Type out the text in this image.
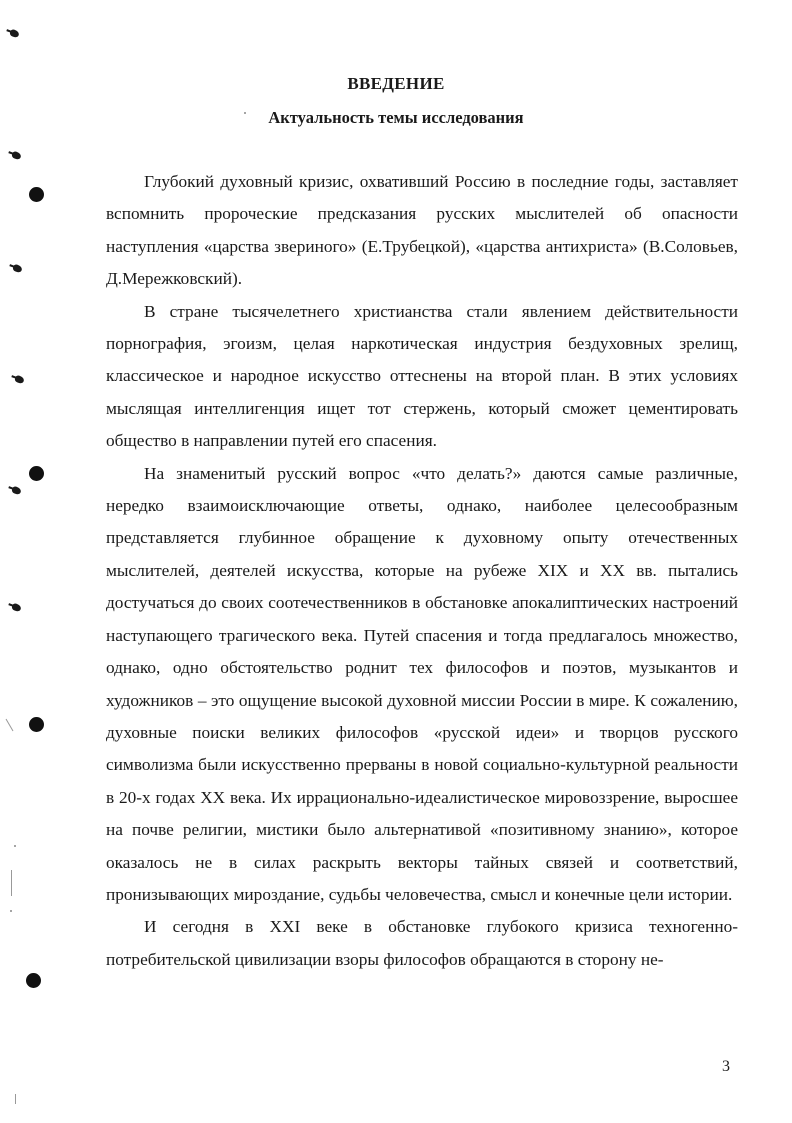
ВВЕДЕНИЕ
Актуальность темы исследования

Глубокий духовный кризис, охвативший Россию в последние годы, заставляет вспомнить пророческие предсказания русских мыслителей об опасности наступления «царства звериного» (Е.Трубецкой), «царства антихриста» (В.Соловьев, Д.Мережковский).

В стране тысячелетнего христианства стали явлением действительности порнография, эгоизм, целая наркотическая индустрия бездуховных зрелищ, классическое и народное искусство оттеснены на второй план. В этих условиях мыслящая интеллигенция ищет тот стержень, который сможет цементировать общество в направлении путей его спасения.

На знаменитый русский вопрос «что делать?» даются самые различные, нередко взаимоисключающие ответы, однако, наиболее целесообразным представляется глубинное обращение к духовному опыту отечественных мыслителей, деятелей искусства, которые на рубеже XIX и XX вв. пытались достучаться до своих соотечественников в обстановке апокалиптических настроений наступающего трагического века. Путей спасения и тогда предлагалось множество, однако, одно обстоятельство роднит тех философов и поэтов, музыкантов и художников – это ощущение высокой духовной миссии России в мире. К сожалению, духовные поиски великих философов «русской идеи» и творцов русского символизма были искусственно прерваны в новой социально-культурной реальности в 20-х годах XX века. Их иррационально-идеалистическое мировоззрение, выросшее на почве религии, мистики было альтернативой «позитивному знанию», которое оказалось не в силах раскрыть векторы тайных связей и соответствий, пронизывающих мироздание, судьбы человечества, смысл и конечные цели истории.

И сегодня в XXI веке в обстановке глубокого кризиса техногенно-потребительской цивилизации взоры философов обращаются в сторону не-

3
